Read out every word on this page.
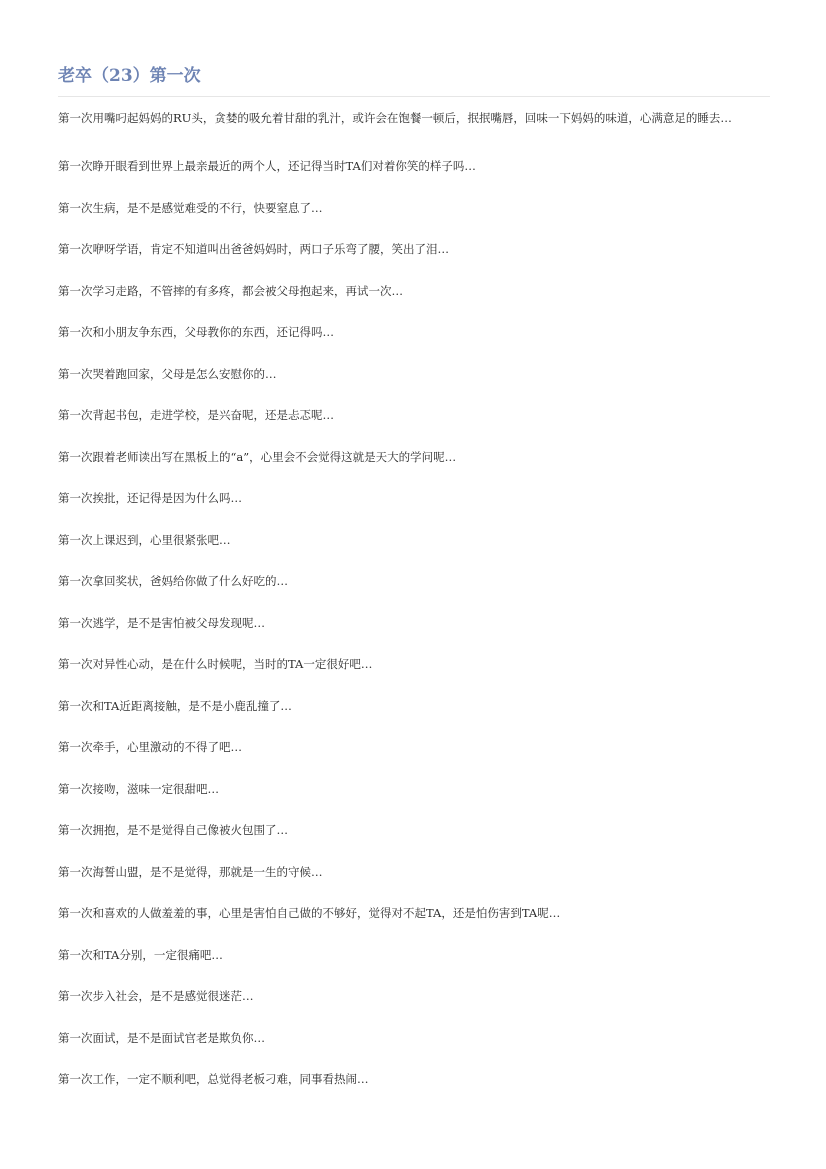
老卒（23）第一次

第一次用嘴叼起妈妈的RU头，贪婪的吸允着甘甜的乳汁，或许会在饱餐一顿后，抿抿嘴唇，回味一下妈妈的味道，心满意足的睡去…

第一次睁开眼看到世界上最亲最近的两个人，还记得当时TA们对着你笑的样子吗…

第一次生病，是不是感觉难受的不行，快要窒息了…

第一次咿呀学语，肯定不知道叫出爸爸妈妈时，两口子乐弯了腰，笑出了泪…

第一次学习走路，不管摔的有多疼，都会被父母抱起来，再试一次…

第一次和小朋友争东西，父母教你的东西，还记得吗…

第一次哭着跑回家，父母是怎么安慰你的…

第一次背起书包，走进学校，是兴奋呢，还是忐忑呢…

第一次跟着老师读出写在黑板上的“a”，心里会不会觉得这就是天大的学问呢…

第一次挨批，还记得是因为什么吗…

第一次上课迟到，心里很紧张吧…

第一次拿回奖状，爸妈给你做了什么好吃的…

第一次逃学，是不是害怕被父母发现呢…

第一次对异性心动，是在什么时候呢，当时的TA一定很好吧…

第一次和TA近距离接触，是不是小鹿乱撞了…

第一次牵手，心里激动的不得了吧…

第一次接吻，滋味一定很甜吧…

第一次拥抱，是不是觉得自己像被火包围了…

第一次海誓山盟，是不是觉得，那就是一生的守候…

第一次和喜欢的人做羞羞的事，心里是害怕自己做的不够好，觉得对不起TA，还是怕伤害到TA呢…

第一次和TA分别，一定很痛吧…

第一次步入社会，是不是感觉很迷茫…

第一次面试，是不是面试官老是欺负你…

第一次工作，一定不顺利吧，总觉得老板刁难，同事看热闹…
